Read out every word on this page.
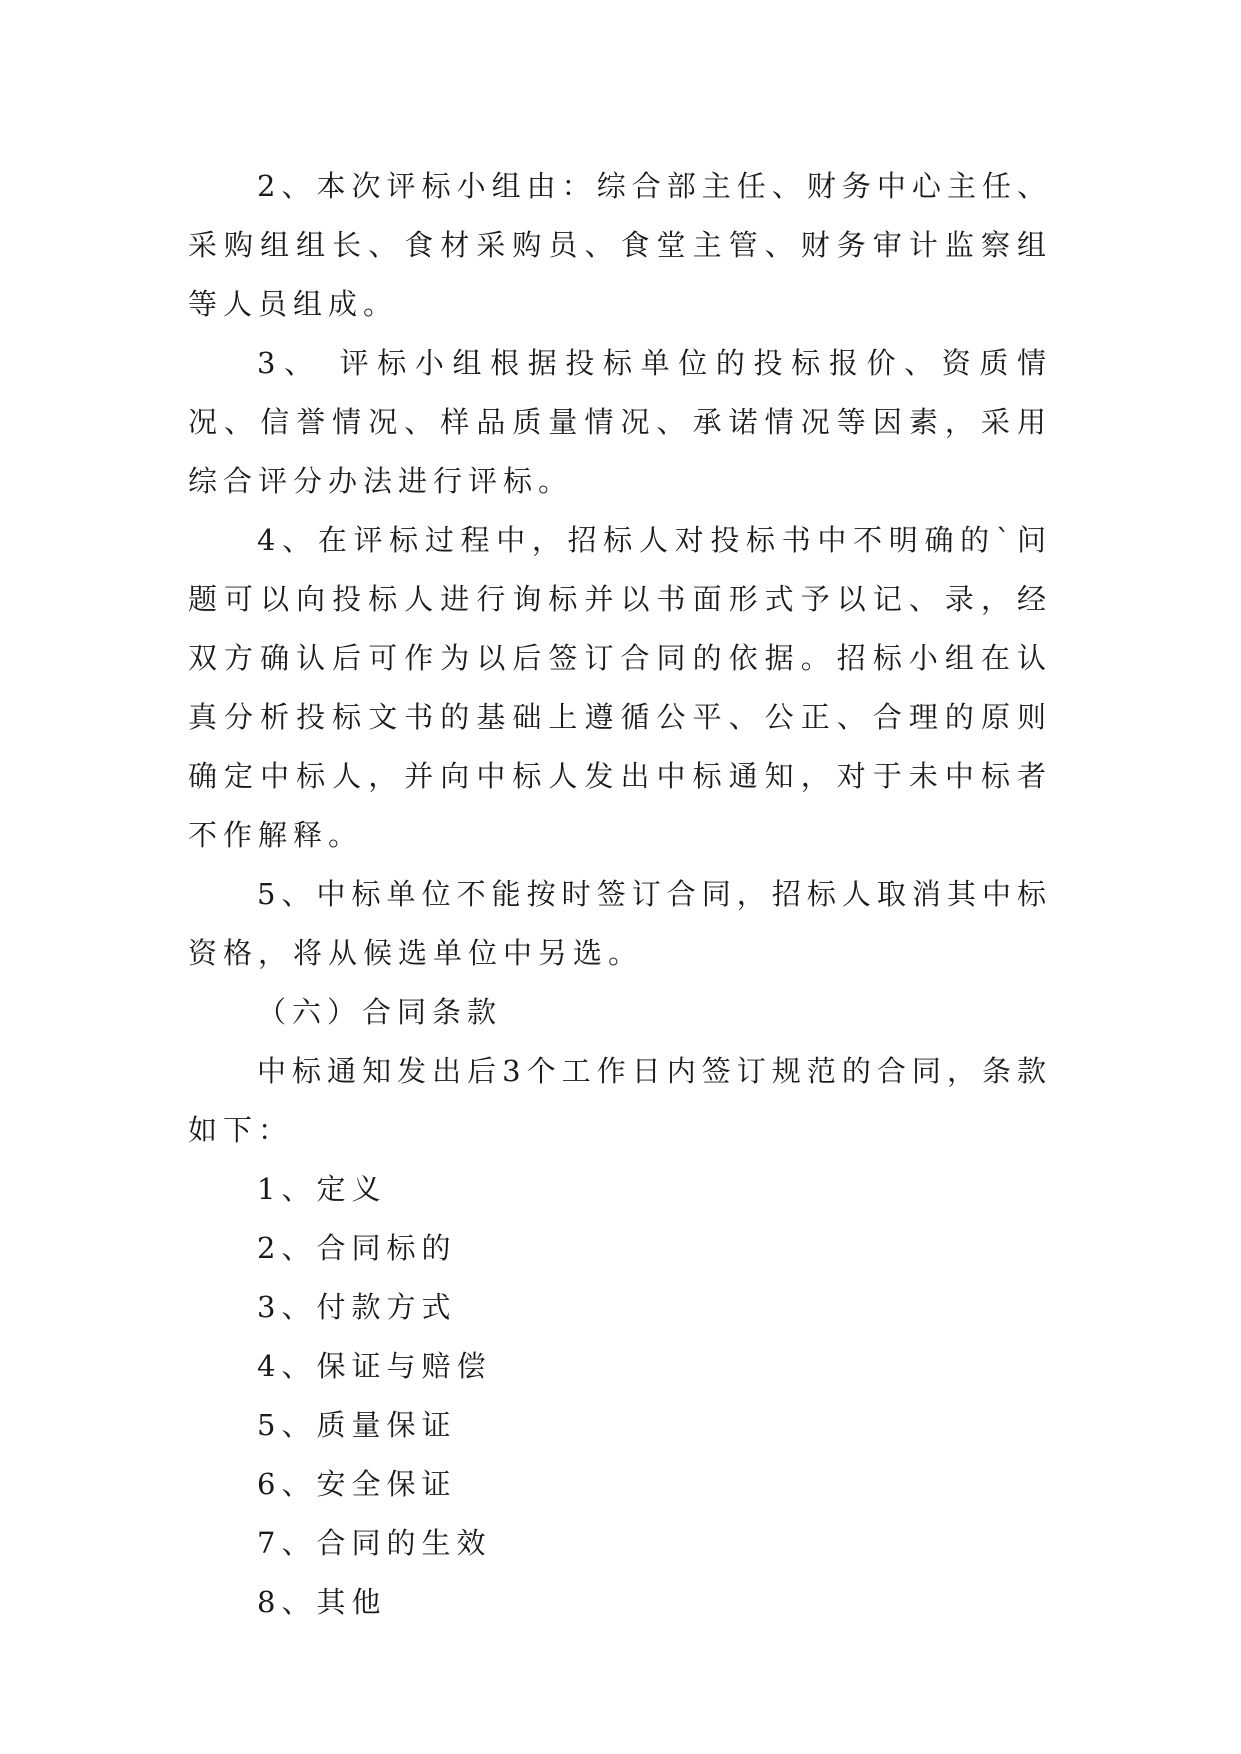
2、本次评标小组由：综合部主任、财务中心主任、采购组组长、食材采购员、食堂主管、财务审计监察组等人员组成。

3、 评标小组根据投标单位的投标报价、资质情况、信誉情况、样品质量情况、承诺情况等因素，采用综合评分办法进行评标。

4、在评标过程中，招标人对投标书中不明确的`问题可以向投标人进行询标并以书面形式予以记、录，经双方确认后可作为以后签订合同的依据。招标小组在认真分析投标文书的基础上遵循公平、公正、合理的原则确定中标人，并向中标人发出中标通知，对于未中标者不作解释。

5、中标单位不能按时签订合同，招标人取消其中标资格，将从候选单位中另选。

（六）合同条款

中标通知发出后3个工作日内签订规范的合同，条款如下：

1、定义
2、合同标的
3、付款方式
4、保证与赔偿
5、质量保证
6、安全保证
7、合同的生效
8、其他
